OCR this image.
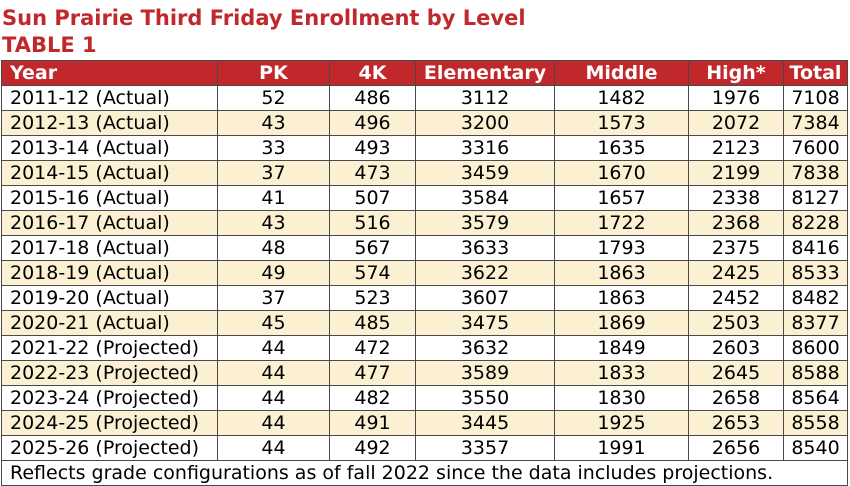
Sun Prairie Third Friday Enrollment by Level
TABLE 1
Year	PK	4K	Elementary	Middle	High*	Total
2011-12 (Actual)	52	486	3112	1482	1976	7108
2012-13 (Actual)	43	496	3200	1573	2072	7384
2013-14 (Actual)	33	493	3316	1635	2123	7600
2014-15 (Actual)	37	473	3459	1670	2199	7838
2015-16 (Actual)	41	507	3584	1657	2338	8127
2016-17 (Actual)	43	516	3579	1722	2368	8228
2017-18 (Actual)	48	567	3633	1793	2375	8416
2018-19 (Actual)	49	574	3622	1863	2425	8533
2019-20 (Actual)	37	523	3607	1863	2452	8482
2020-21 (Actual)	45	485	3475	1869	2503	8377
2021-22 (Projected)	44	472	3632	1849	2603	8600
2022-23 (Projected)	44	477	3589	1833	2645	8588
2023-24 (Projected)	44	482	3550	1830	2658	8564
2024-25 (Projected)	44	491	3445	1925	2653	8558
2025-26 (Projected)	44	492	3357	1991	2656	8540
Reflects grade configurations as of fall 2022 since the data includes projections.						
